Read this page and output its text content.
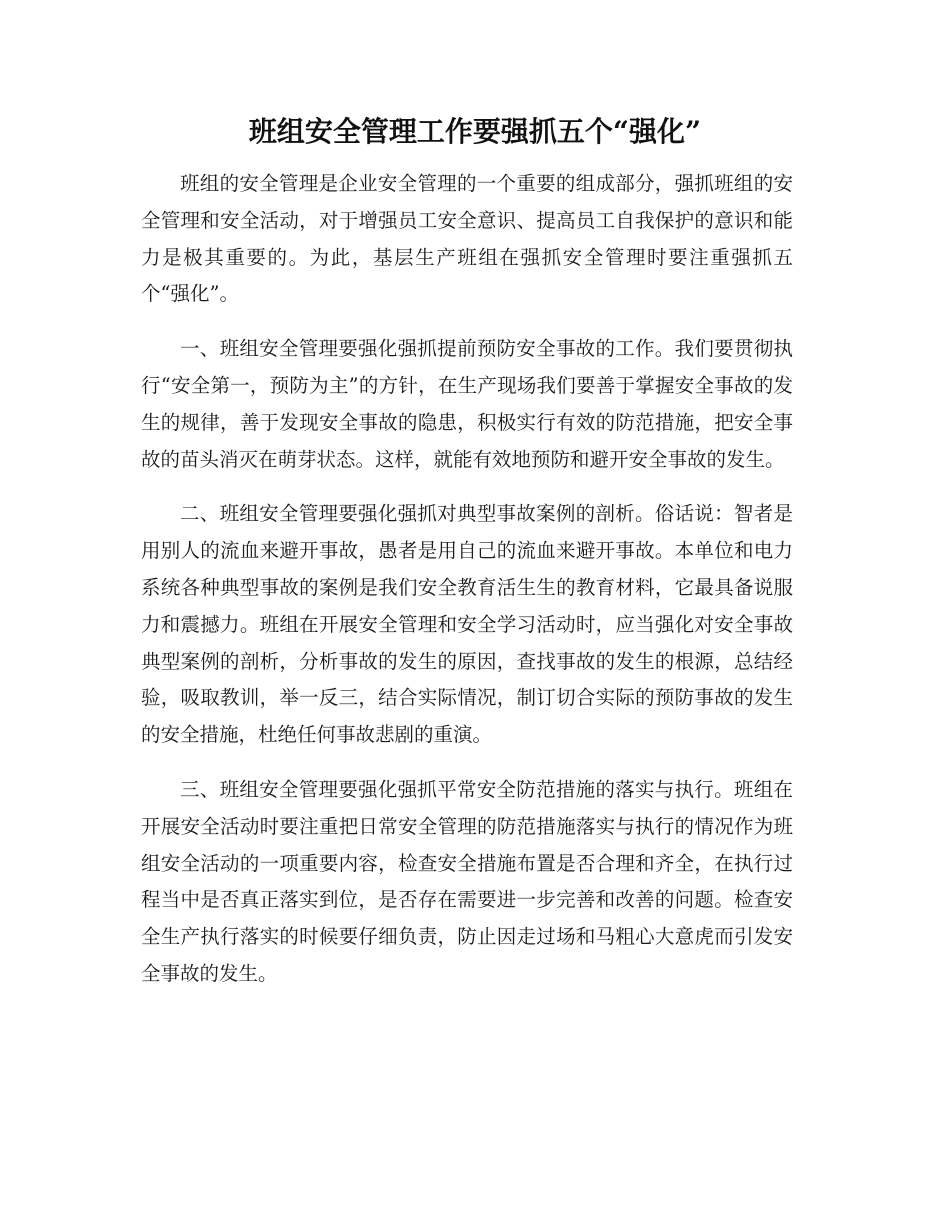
班组安全管理工作要强抓五个“强化”

班组的安全管理是企业安全管理的一个重要的组成部分，强抓班组的安全管理和安全活动，对于增强员工安全意识、提高员工自我保护的意识和能力是极其重要的。为此，基层生产班组在强抓安全管理时要注重强抓五个“强化”。

一、班组安全管理要强化强抓提前预防安全事故的工作。我们要贯彻执行“安全第一，预防为主”的方针，在生产现场我们要善于掌握安全事故的发生的规律，善于发现安全事故的隐患，积极实行有效的防范措施，把安全事故的苗头消灭在萌芽状态。这样，就能有效地预防和避开安全事故的发生。

二、班组安全管理要强化强抓对典型事故案例的剖析。俗话说：智者是用别人的流血来避开事故，愚者是用自己的流血来避开事故。本单位和电力系统各种典型事故的案例是我们安全教育活生生的教育材料，它最具备说服力和震撼力。班组在开展安全管理和安全学习活动时，应当强化对安全事故典型案例的剖析，分析事故的发生的原因，查找事故的发生的根源，总结经验，吸取教训，举一反三，结合实际情况，制订切合实际的预防事故的发生的安全措施，杜绝任何事故悲剧的重演。

三、班组安全管理要强化强抓平常安全防范措施的落实与执行。班组在开展安全活动时要注重把日常安全管理的防范措施落实与执行的情况作为班组安全活动的一项重要内容，检查安全措施布置是否合理和齐全，在执行过程当中是否真正落实到位，是否存在需要进一步完善和改善的问题。检查安全生产执行落实的时候要仔细负责，防止因走过场和马粗心大意虎而引发安全事故的发生。
